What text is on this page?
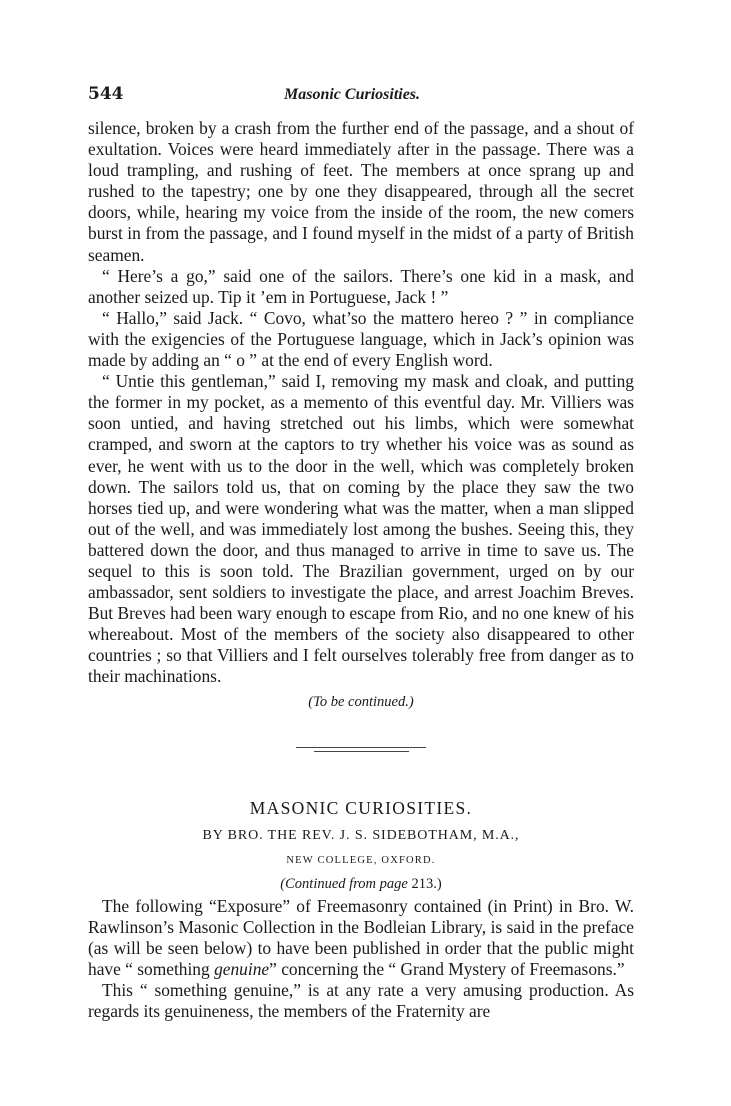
544	Masonic Curiosities.

silence, broken by a crash from the further end of the passage, and a shout of exultation. Voices were heard immediately after in the passage. There was a loud trampling, and rushing of feet. The members at once sprang up and rushed to the tapestry; one by one they disappeared, through all the secret doors, while, hearing my voice from the inside of the room, the new comers burst in from the passage, and I found myself in the midst of a party of British seamen.

“ Here’s a go,” said one of the sailors. There’s one kid in a mask, and another seized up. Tip it ’em in Portuguese, Jack ! ”

“ Hallo,” said Jack. “ Covo, what’so the mattero hereo ? ” in compliance with the exigencies of the Portuguese language, which in Jack’s opinion was made by adding an “ o ” at the end of every English word.

“ Untie this gentleman,” said I, removing my mask and cloak, and putting the former in my pocket, as a memento of this eventful day. Mr. Villiers was soon untied, and having stretched out his limbs, which were somewhat cramped, and sworn at the captors to try whether his voice was as sound as ever, he went with us to the door in the well, which was completely broken down. The sailors told us, that on coming by the place they saw the two horses tied up, and were wondering what was the matter, when a man slipped out of the well, and was immediately lost among the bushes. Seeing this, they battered down the door, and thus managed to arrive in time to save us. The sequel to this is soon told. The Brazilian government, urged on by our ambassador, sent soldiers to investigate the place, and arrest Joachim Breves. But Breves had been wary enough to escape from Rio, and no one knew of his whereabout. Most of the members of the society also disappeared to other countries ; so that Villiers and I felt ourselves tolerably free from danger as to their machinations.

(To be continued.)
MASONIC CURIOSITIES.
BY BRO. THE REV. J. S. SIDEBOTHAM, M.A.,
NEW COLLEGE, OXFORD.
(Continued from page 213.)

The following “Exposure” of Freemasonry contained (in Print) in Bro. W. Rawlinson’s Masonic Collection in the Bodleian Library, is said in the preface (as will be seen below) to have been published in order that the public might have “ something genuine” concerning the “ Grand Mystery of Freemasons.”

This “ something genuine,” is at any rate a very amusing production. As regards its genuineness, the members of the Fraternity are
